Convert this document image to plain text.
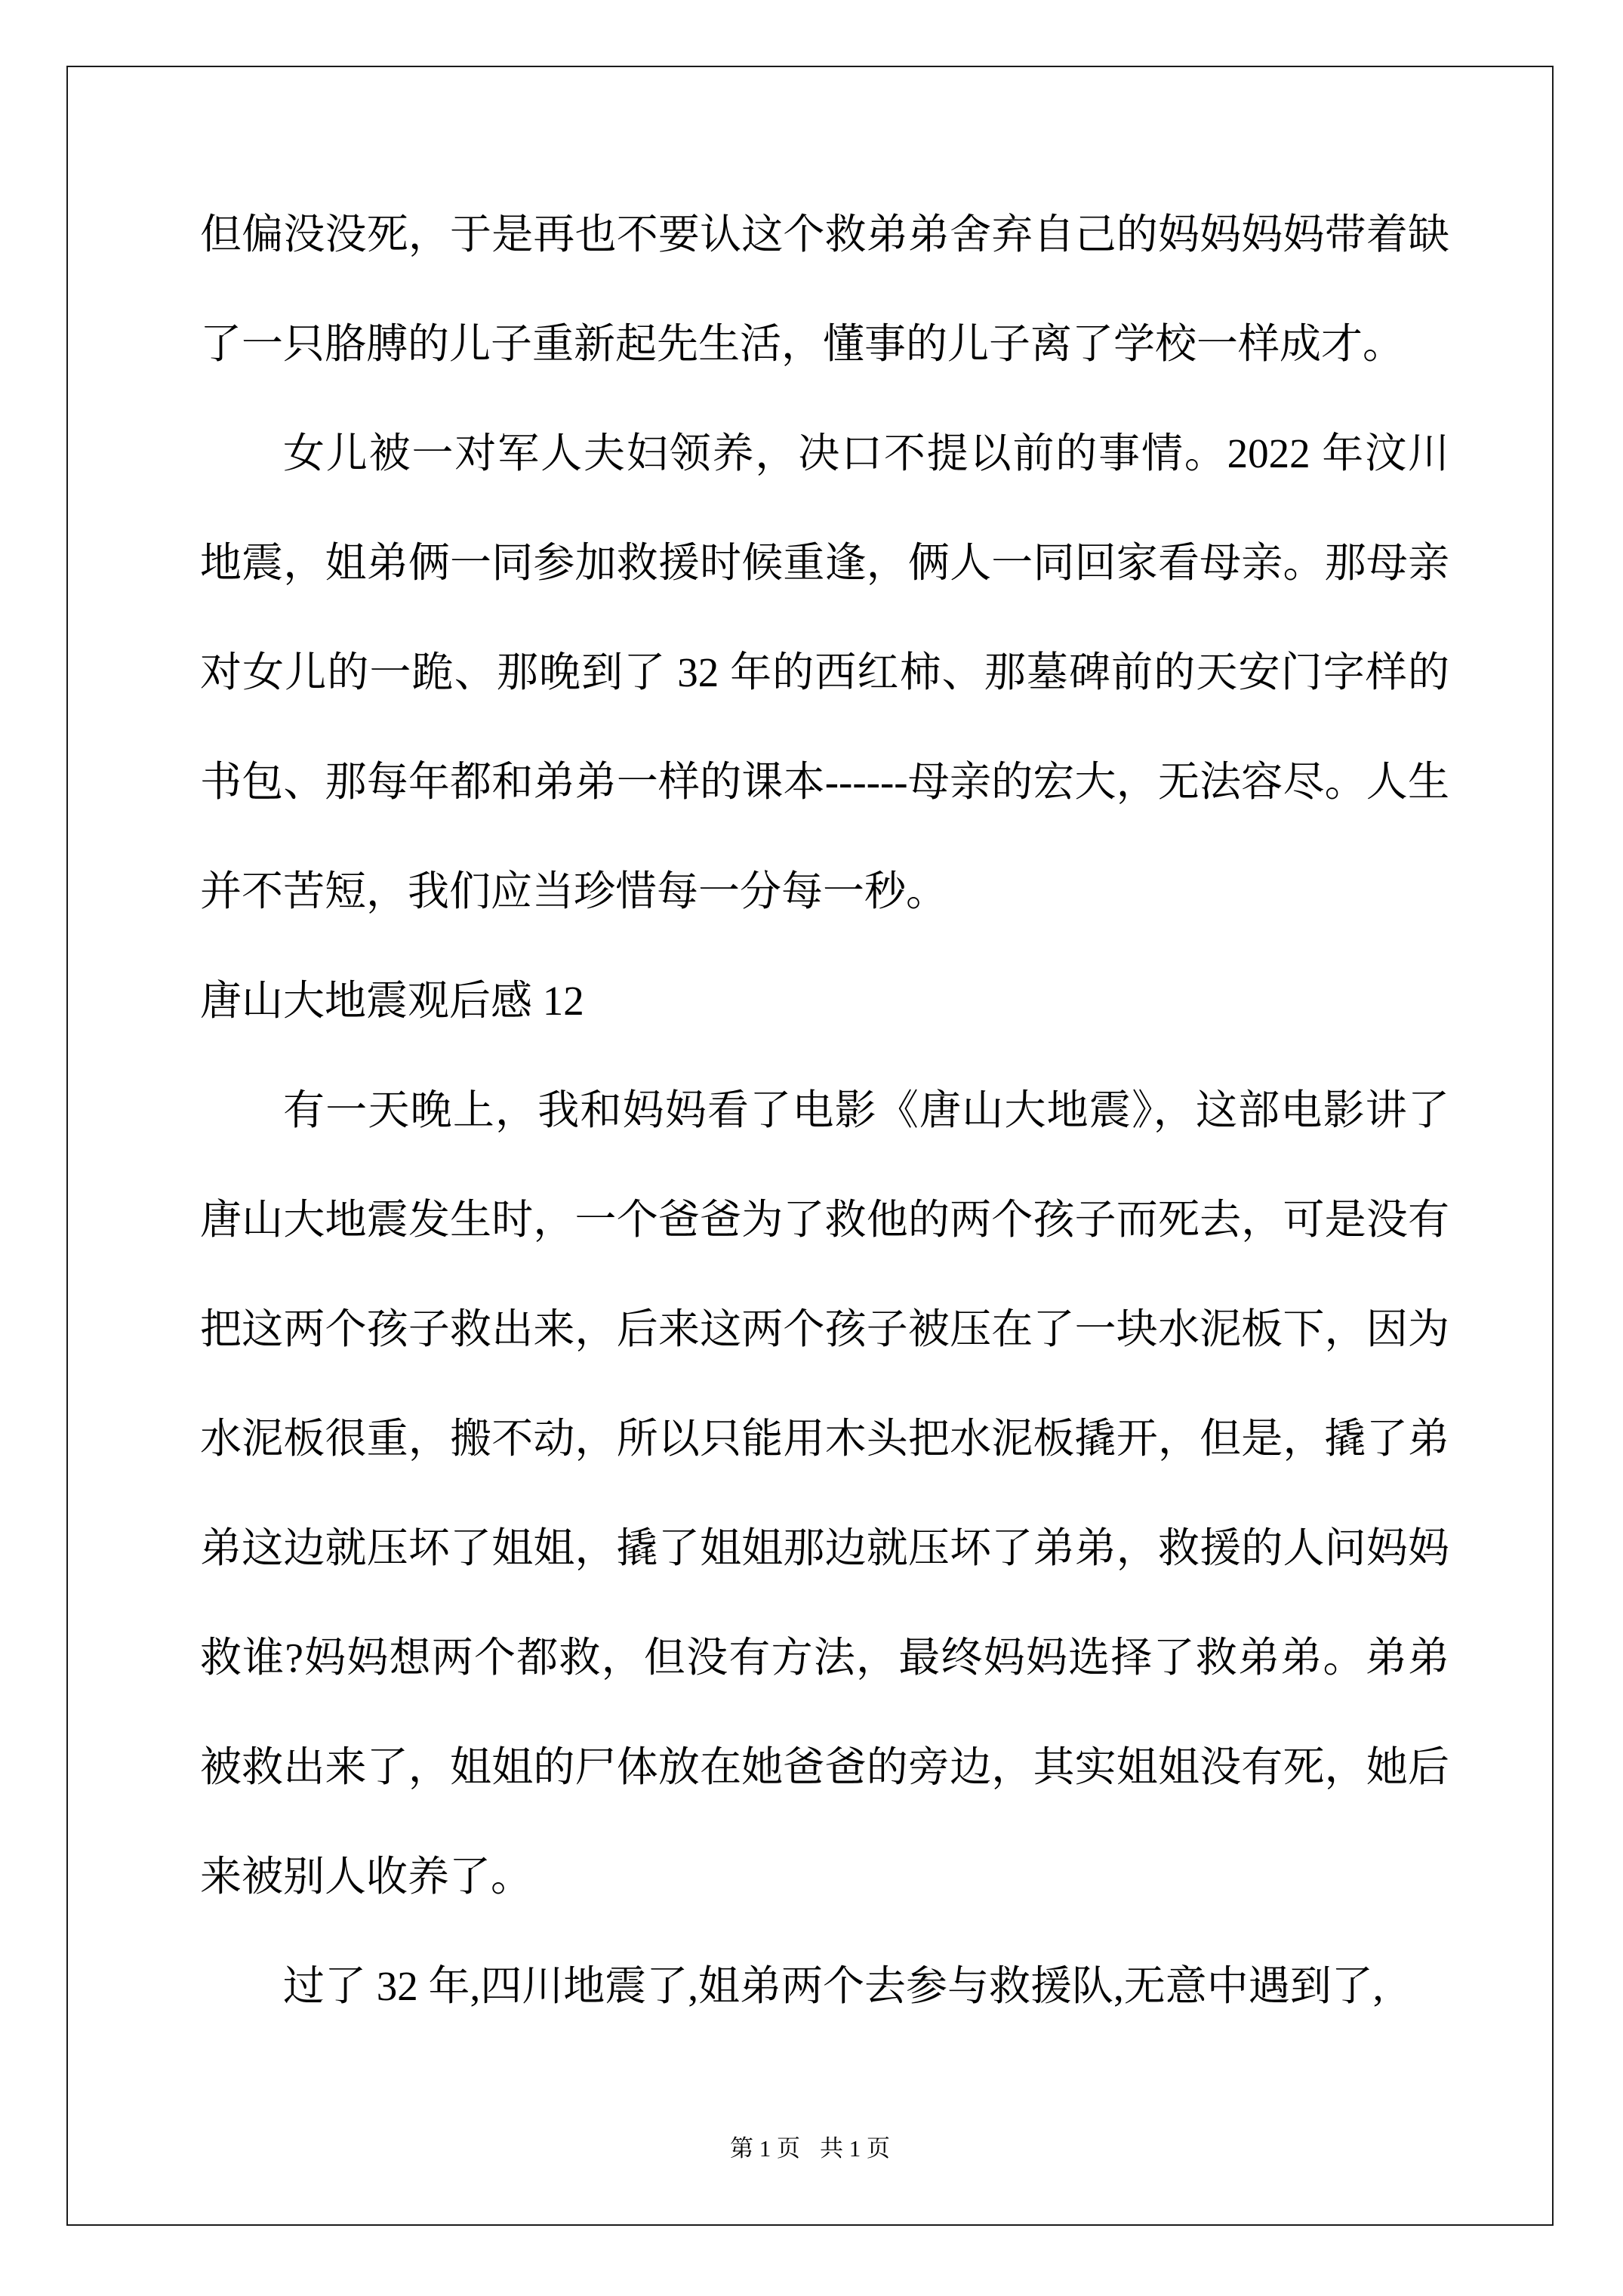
但偏没没死，于是再也不要认这个救弟弟舍弃自己的妈妈妈妈带着缺了一只胳膊的儿子重新起先生活，懂事的儿子离了学校一样成才。

女儿被一对军人夫妇领养，决口不提以前的事情。2022 年汶川地震，姐弟俩一同参加救援时候重逢，俩人一同回家看母亲。那母亲对女儿的一跪、那晚到了 32 年的西红柿、那墓碑前的天安门字样的书包、那每年都和弟弟一样的课本------母亲的宏大，无法容尽。人生并不苦短，我们应当珍惜每一分每一秒。

唐山大地震观后感 12

有一天晚上，我和妈妈看了电影《唐山大地震》，这部电影讲了唐山大地震发生时，一个爸爸为了救他的两个孩子而死去，可是没有把这两个孩子救出来，后来这两个孩子被压在了一块水泥板下，因为水泥板很重，搬不动，所以只能用木头把水泥板撬开，但是，撬了弟弟这边就压坏了姐姐，撬了姐姐那边就压坏了弟弟，救援的人问妈妈救谁?妈妈想两个都救，但没有方法，最终妈妈选择了救弟弟。弟弟被救出来了，姐姐的尸体放在她爸爸的旁边，其实姐姐没有死，她后来被别人收养了。

过了 32 年,四川地震了,姐弟两个去参与救援队,无意中遇到了,

第 1 页 共 1 页
